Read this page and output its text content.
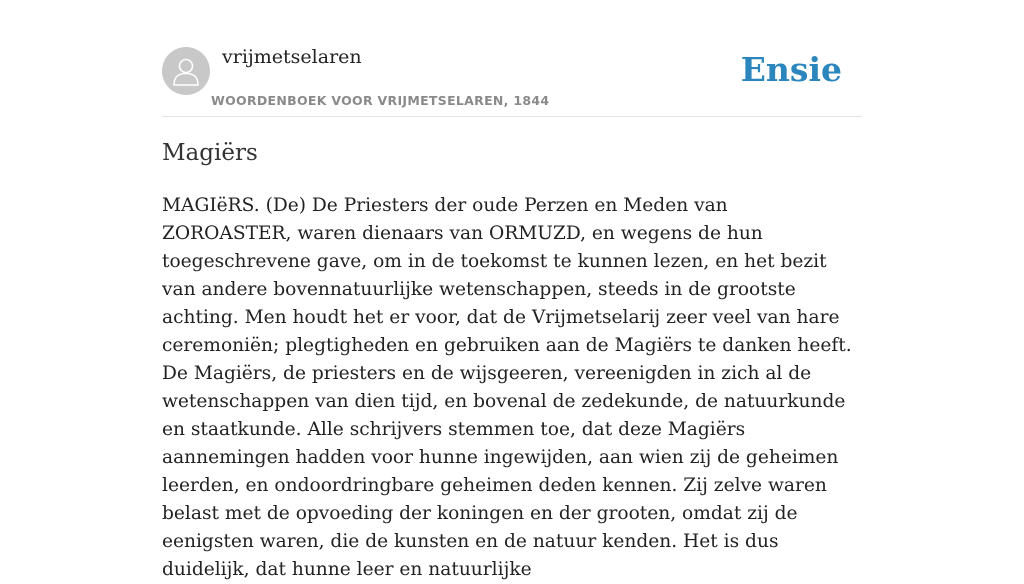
vrijmetselaren
WOORDENBOEK VOOR VRIJMETSELAREN, 1844
Ensie
Magiërs

MAGIëRS. (De) De Priesters der oude Perzen en Meden van ZOROASTER, waren dienaars van ORMUZD, en wegens de hun toegeschrevene gave, om in de toekomst te kunnen lezen, en het bezit van andere bovennatuurlijke wetenschappen, steeds in de grootste achting. Men houdt het er voor, dat de Vrijmetselarij zeer veel van hare ceremoniën; plegtigheden en gebruiken aan de Magiërs te danken heeft. De Magiërs, de priesters en de wijsgeeren, vereenigden in zich al de wetenschappen van dien tijd, en bovenal de zedekunde, de natuurkunde en staatkunde. Alle schrijvers stemmen toe, dat deze Magiërs aannemingen hadden voor hunne ingewijden, aan wien zij de geheimen leerden, en ondoordringbare geheimen deden kennen. Zij zelve waren belast met de opvoeding der koningen en der grooten, omdat zij de eenigsten waren, die de kunsten en de natuur kenden. Het is dus duidelijk, dat hunne leer en natuurlijke
